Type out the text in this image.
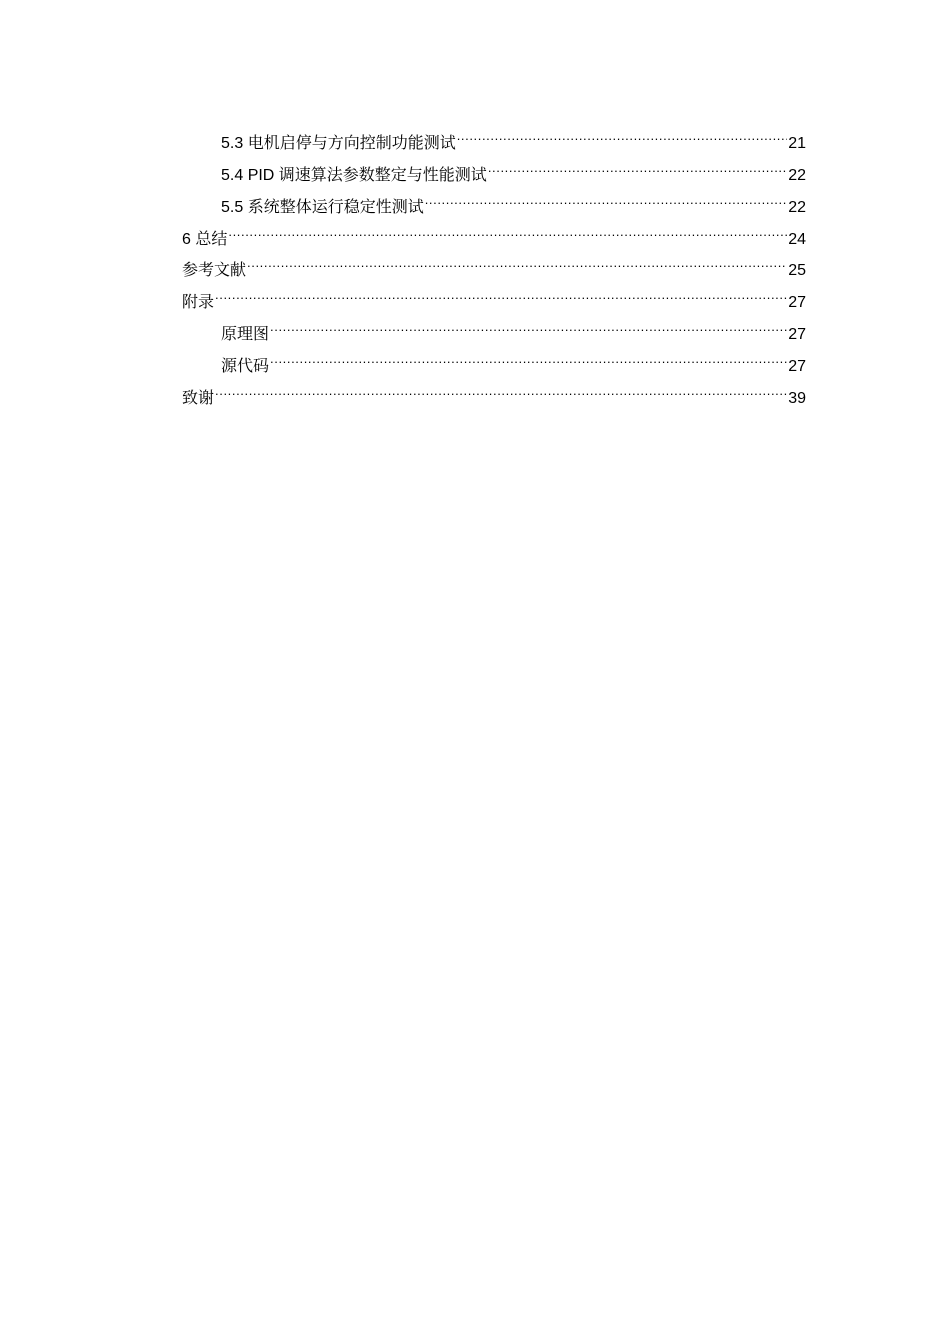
5.3 电机启停与方向控制功能测试 .....	21
5.4 PID 调速算法参数整定与性能测试 .....	22
5.5 系统整体运行稳定性测试 .....	22
6 总结 .....	24
参考文献 .....	25
附录 .....	27
原理图 .....	27
源代码 .....	27
致谢 .....	39
